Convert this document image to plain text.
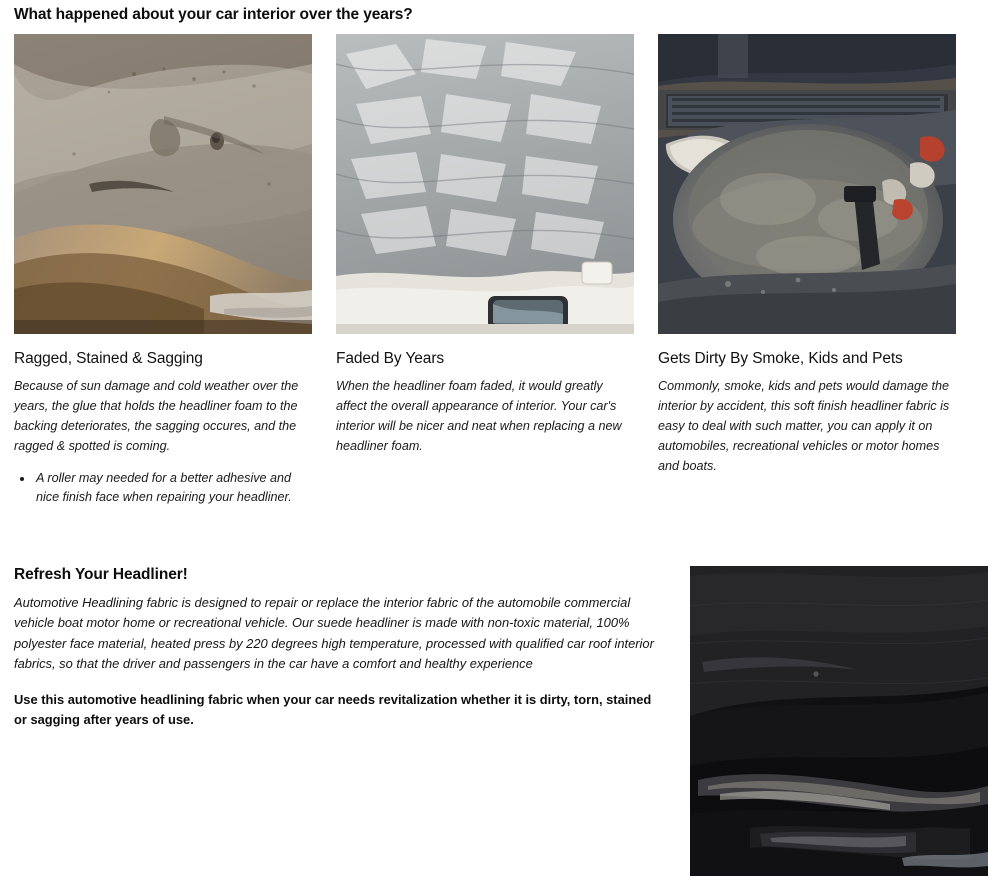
What happened about your car interior over the years?
Ragged, Stained & Sagging

Because of sun damage and cold weather over the years, the glue that holds the headliner foam to the backing deteriorates, the sagging occures, and the ragged & spotted is coming.

• A roller may needed for a better adhesive and nice finish face when repairing your headliner.
Faded By Years

When the headliner foam faded, it would greatly affect the overall appearance of interior. Your car's interior will be nicer and neat when replacing a new headliner foam.

Gets Dirty By Smoke, Kids and Pets

Commonly, smoke, kids and pets would damage the interior by accident, this soft finish headliner fabric is easy to deal with such matter, you can apply it on automobiles, recreational vehicles or motor homes and boats.

Refresh Your Headliner!

Automotive Headlining fabric is designed to repair or replace the interior fabric of the automobile commercial vehicle boat motor home or recreational vehicle. Our suede headliner is made with non-toxic material, 100% polyester face material, heated press by 220 degrees high temperature, processed with qualified car roof interior fabrics, so that the driver and passengers in the car have a comfort and healthy experience

Use this automotive headlining fabric when your car needs revitalization whether it is dirty, torn, stained or sagging after years of use.
